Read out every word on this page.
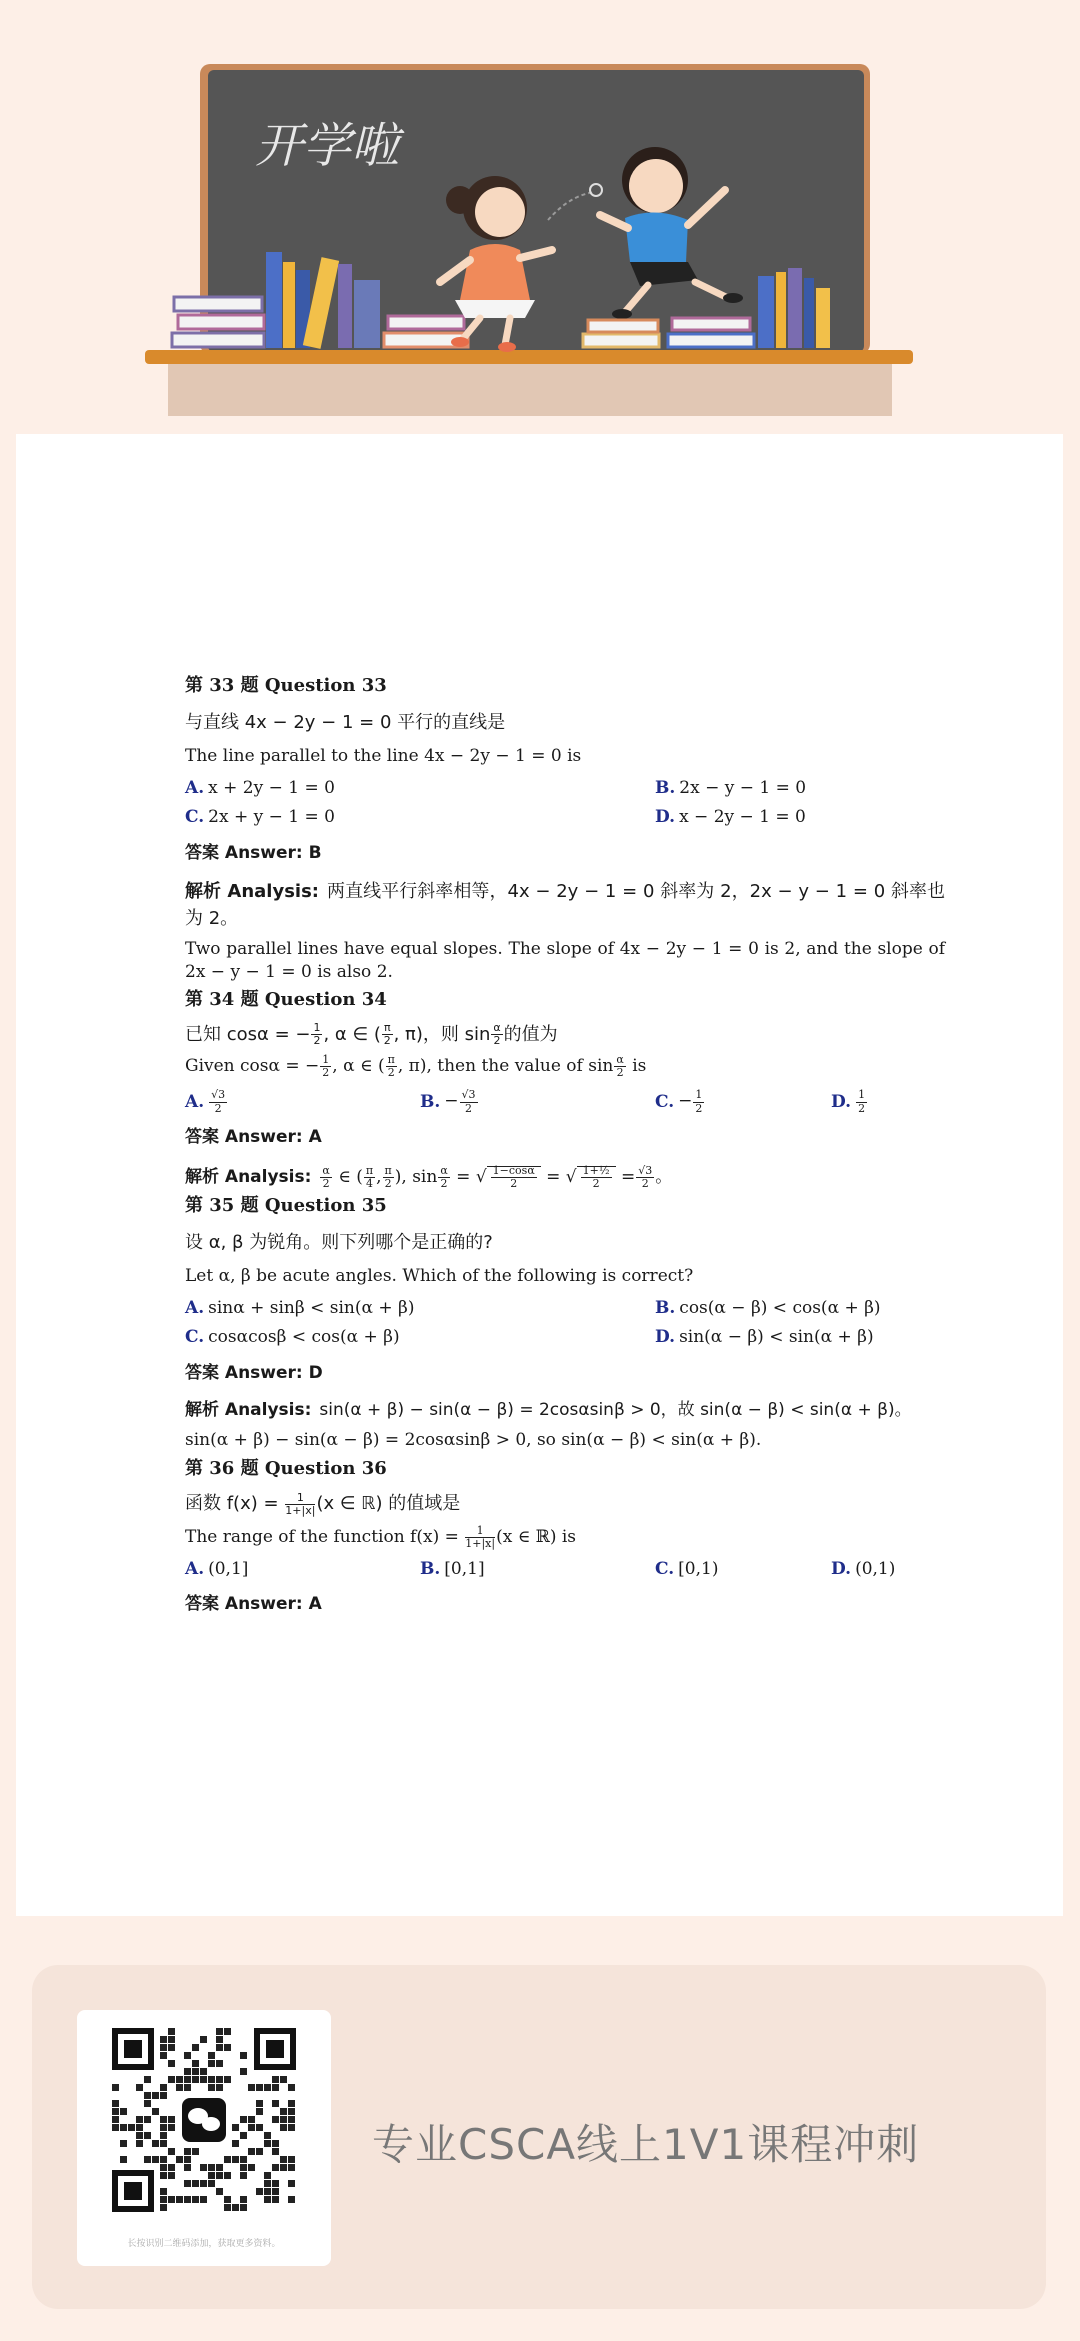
开学啦

第 33 题 Question 33

与直线 4x − 2y − 1 = 0 平行的直线是

The line parallel to the line 4x − 2y − 1 = 0 is

A. x + 2y − 1 = 0	B. 2x − y − 1 = 0
C. 2x + y − 1 = 0	D. x − 2y − 1 = 0

答案 Answer: B

解析 Analysis: 两直线平行斜率相等，4x − 2y − 1 = 0 斜率为 2，2x − y − 1 = 0 斜率也为 2。

Two parallel lines have equal slopes. The slope of 4x − 2y − 1 = 0 is 2, and the slope of 2x − y − 1 = 0 is also 2.

第 34 题 Question 34

已知 cosα = − $\frac{1}{2}$ , α ∈ ( $\frac{\pi}{2}$ , π)，则 $\sin \frac{\alpha}{2}$ 的值为

Given cosα = − $\frac{1}{2}$ , α ∈ ( $\frac{\pi}{2}$ , π), then the value of $\sin \frac{\alpha}{2}$ is

A. $\frac{√3}{2}$	B. − $\frac{√3}{2}$	C. − $\frac{1}{2}$	D. $\frac{1}{2}$

答案 Answer: A

解析 Analysis: $\frac{\alpha}{2}$ ∈ ( $\frac{\pi}{4}$ , $\frac{\pi}{2}$ ), $\sin \frac{\alpha}{2}$ = √ $\frac{1-\cos\alpha}{2}$ = √ $\frac{\text{1+½}}{2} = \frac{√3}{2}$ 。

第 35 题 Question 35

设 α, β 为锐角。则下列哪个是正确的?

Let α, β be acute angles. Which of the following is correct?

A. sinα + sinβ < sin(α + β)	B. cos(α − β) < cos(α + β)
C. cosαcosβ < cos(α + β)	D. sin(α − β) < sin(α + β)

答案 Answer: D

解析 Analysis: sin(α + β) − sin(α − β) = 2cosαsinβ > 0，故 sin(α − β) < sin(α + β)。

sin(α + β) − sin(α − β) = 2cosαsinβ > 0, so sin(α − β) < sin(α + β).

第 36 题 Question 36

函数 $f(x) = \frac{1}{1+|x|} (x$ ∈ ℝ) 的值域是

The range of the function $f(x) = \frac{1}{1+|x|} (x$ ∈ ℝ) is

A. (0,1]	B. [0,1]	C. [0,1)	D. (0,1)

答案 Answer: A

长按识别二维码添加，获取更多资料。
专业CSCA线上1V1课程冲刺
